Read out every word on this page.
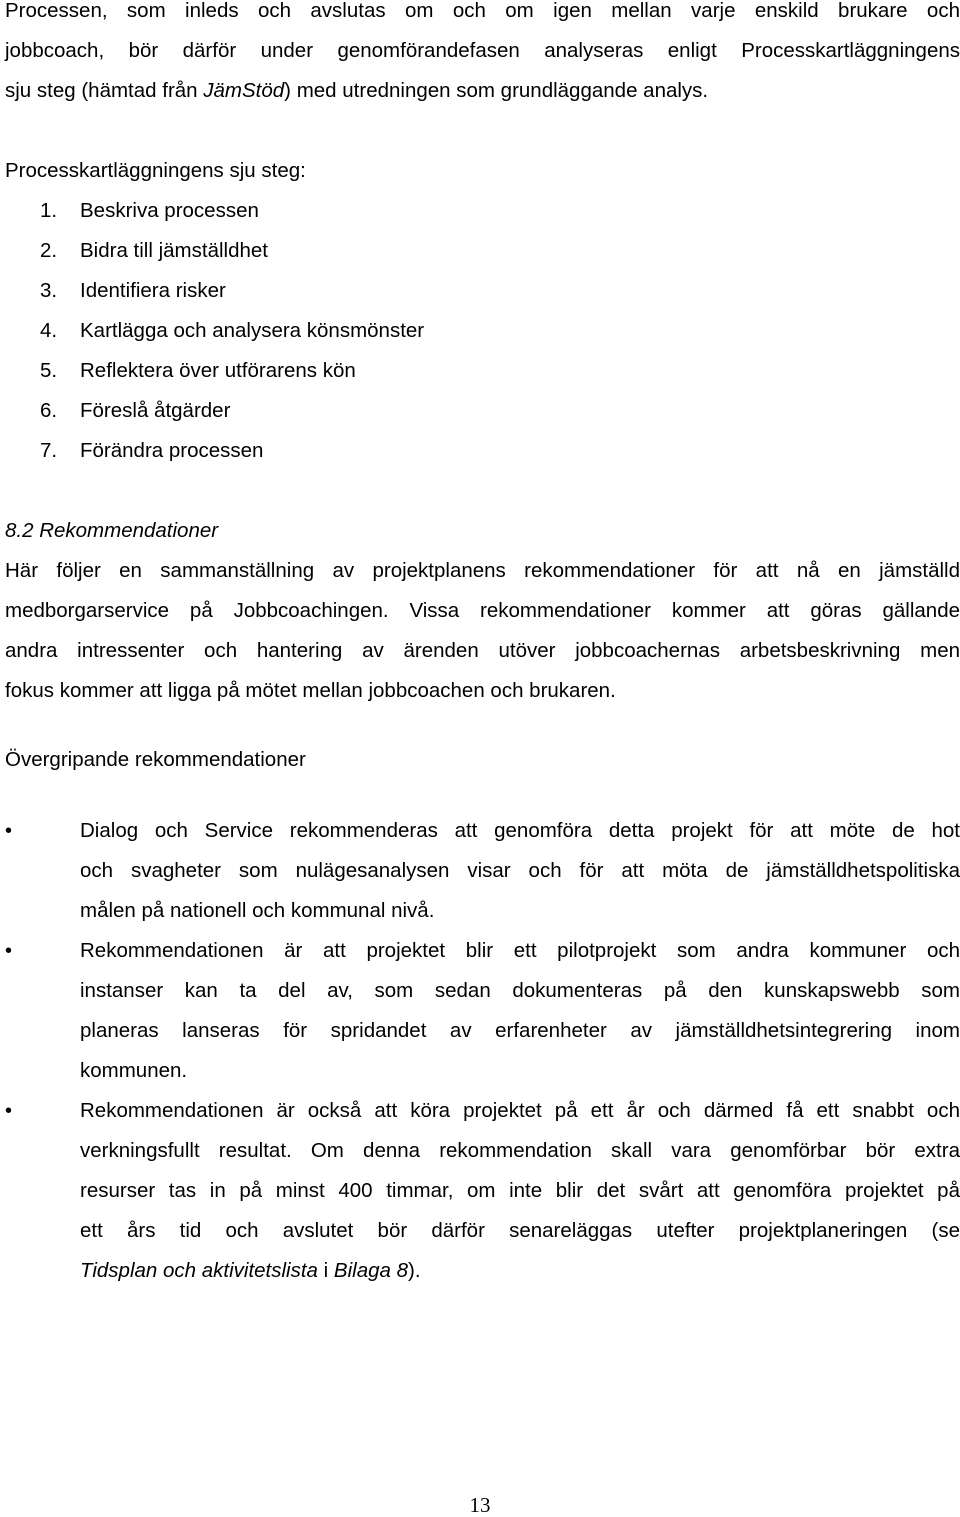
Processen, som inleds och avslutas om och om igen mellan varje enskild brukare och
jobbcoach, bör därför under genomförandefasen analyseras enligt Processkartläggningens
sju steg (hämtad från JämStöd) med utredningen som grundläggande analys.
Processkartläggningens sju steg:
1. Beskriva processen
2. Bidra till jämställdhet
3. Identifiera risker
4. Kartlägga och analysera könsmönster
5. Reflektera över utförarens kön
6. Föreslå åtgärder
7. Förändra processen
8.2 Rekommendationer
Här följer en sammanställning av projektplanens rekommendationer för att nå en jämställd
medborgarservice på Jobbcoachingen. Vissa rekommendationer kommer att göras gällande
andra intressenter och hantering av ärenden utöver jobbcoachernas arbetsbeskrivning men
fokus kommer att ligga på mötet mellan jobbcoachen och brukaren.
Övergripande rekommendationer
•	Dialog och Service rekommenderas att genomföra detta projekt för att möte de hot
och svagheter som nulägesanalysen visar och för att möta de jämställdhetspolitiska
målen på nationell och kommunal nivå.
•	Rekommendationen är att projektet blir ett pilotprojekt som andra kommuner och
instanser kan ta del av, som sedan dokumenteras på den kunskapswebb som
planeras lanseras för spridandet av erfarenheter av jämställdhetsintegrering inom
kommunen.
•	Rekommendationen är också att köra projektet på ett år och därmed få ett snabbt och
verkningsfullt resultat. Om denna rekommendation skall vara genomförbar bör extra
resurser tas in på minst 400 timmar, om inte blir det svårt att genomföra projektet på
ett års tid och avslutet bör därför senareläggas utefter projektplaneringen (se
Tidsplan och aktivitetslista i Bilaga 8).
13
